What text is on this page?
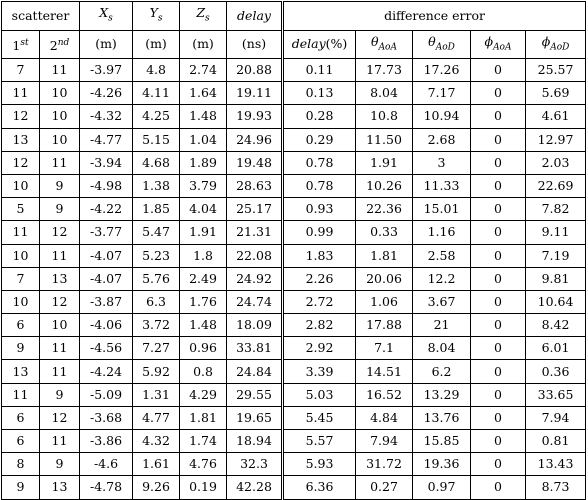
scatterer		$X_s$	$Y_s$	$Z_s$	delay	difference error				
1st	2nd	(m)	(m)	(m)	(ns)	delay(%)	$\theta_{AoA}$	$\theta_{AoD}$	$\phi_{AoA}$	$\phi_{AoD}$
7	11	-3.97	4.8	2.74	20.88	0.11	17.73	17.26	0	25.57
11	10	-4.26	4.11	1.64	19.11	0.13	8.04	7.17	0	5.69
12	10	-4.32	4.25	1.48	19.93	0.28	10.8	10.94	0	4.61
13	10	-4.77	5.15	1.04	24.96	0.29	11.50	2.68	0	12.97
12	11	-3.94	4.68	1.89	19.48	0.78	1.91	3	0	2.03
10	9	-4.98	1.38	3.79	28.63	0.78	10.26	11.33	0	22.69
5	9	-4.22	1.85	4.04	25.17	0.93	22.36	15.01	0	7.82
11	12	-3.77	5.47	1.91	21.31	0.99	0.33	1.16	0	9.11
10	11	-4.07	5.23	1.8	22.08	1.83	1.81	2.58	0	7.19
7	13	-4.07	5.76	2.49	24.92	2.26	20.06	12.2	0	9.81
10	12	-3.87	6.3	1.76	24.74	2.72	1.06	3.67	0	10.64
6	10	-4.06	3.72	1.48	18.09	2.82	17.88	21	0	8.42
9	11	-4.56	7.27	0.96	33.81	2.92	7.1	8.04	0	6.01
13	11	-4.24	5.92	0.8	24.84	3.39	14.51	6.2	0	0.36
11	9	-5.09	1.31	4.29	29.55	5.03	16.52	13.29	0	33.65
6	12	-3.68	4.77	1.81	19.65	5.45	4.84	13.76	0	7.94
6	11	-3.86	4.32	1.74	18.94	5.57	7.94	15.85	0	0.81
8	9	-4.6	1.61	4.76	32.3	5.93	31.72	19.36	0	13.43
9	13	-4.78	9.26	0.19	42.28	6.36	0.27	0.97	0	8.73
